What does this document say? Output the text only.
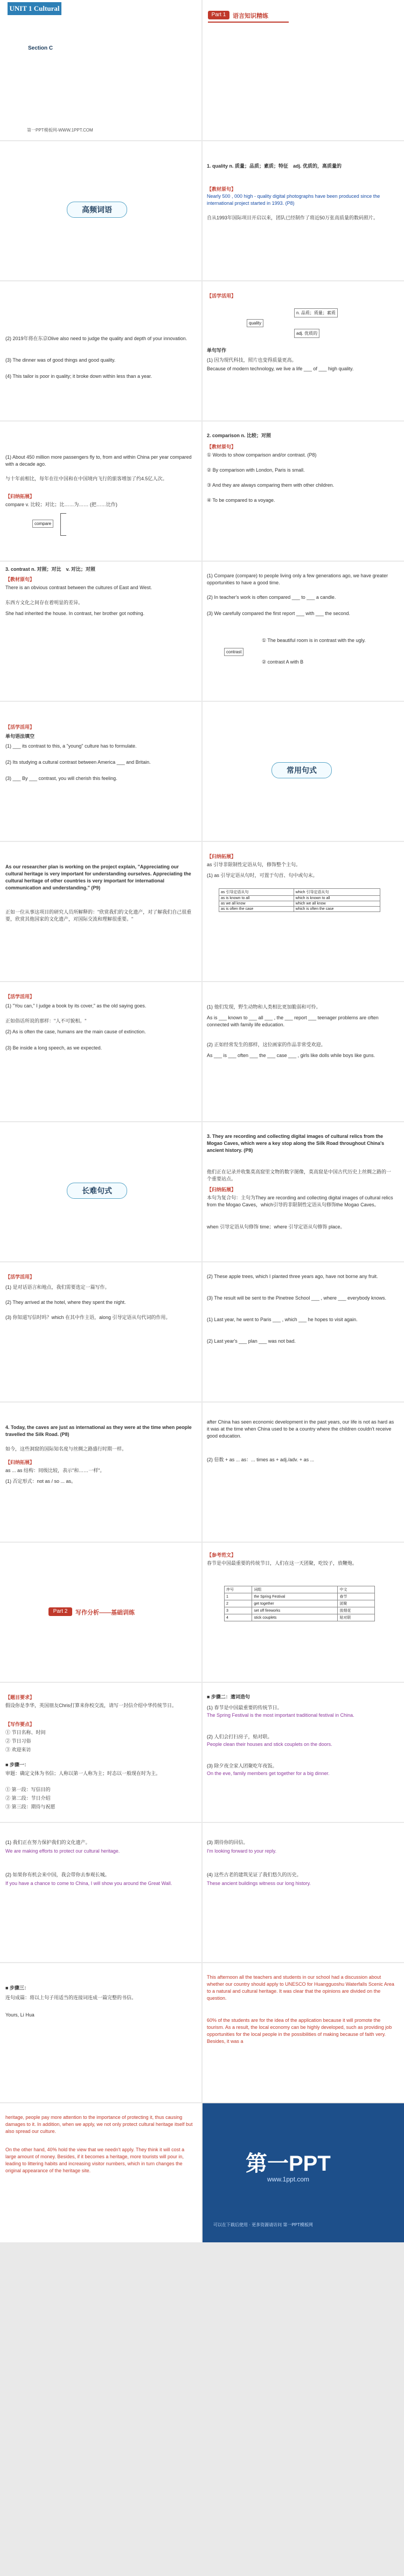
UNIT 1 Cultural Heritage
Section C
第一PPT模板网-WWW.1PPT.COM
Part 1	语言知识精练
高频词语
1. quality n. 质量；品质；素质；特征　adj. 优质的，高质量的
【教材原句】
Nearly 500 , 000 high - quality digital photographs have been produced since the international project started in 1993. (P8)
自从1993年国际项目开启以来，团队已经制作了将近50万张高质量的数码照片。
(2) 2019年将在东京Olive also need to judge the quality and depth of your innovation.
(3) The dinner was of good things and good quality.
(4) This tailor is poor in quality; it broke down within less than a year.
【活学活用】
quality
n. 品质；质量；素质
adj. 优质的
单句写作
(1) 因为现代科技，照片也变得质量更高。
Because of modern technology, we live a life ___ of ___ high quality.
(1) About 450 million more passengers fly to, from and within China per year compared with a decade ago.
与十年前相比，每年在往中国和在中国境内飞行的旅客增加了约4.5亿人次。
【归纳拓展】
compare v. 比较；对比；比……为…… (把……比作)
compare
2. comparison n. 比较；对照
【教材原句】
① Words to show comparison and/or contrast. (P8)
② By comparison with London, Paris is small.
③ And they are always comparing them with other children.
④ To be compared to a voyage.
3. contrast n. 对照；对比　v. 对比；对照
【教材原句】
There is an obvious contrast between the cultures of East and West.
东西方文化之间存在着明显的差异。
She had inherited the house. In contrast, her brother got nothing.
(1) Compare (compare) to people living only a few generations ago, we have greater opportunities to have a good time.
(2) In teacher's work is often compared ___ to ___ a candle.
(3) We carefully compared the first report ___ with ___ the second.
contrast
① The beautiful room is in contrast with the ugly.
② contrast A with B
【活学活用】
单句语法填空
(1) ___ its contrast to this, a "young" culture has to formulate.
(2) Its studying a cultural contrast between America ___ and Britain.
(3) ___ By ___ contrast, you will cherish this feeling.
常用句式
As our researcher plan is working on the project explain, "Appreciating our cultural heritage is very important for understanding ourselves. Appreciating the cultural heritage of other countries is very important for international communication and understanding." (P9)
正如一位从事这项目的研究人员所解释的："欣赏我们的文化遗产，对了解我们自己很重要，欣赏其他国家的文化遗产，对国际交流和理解很重要。"
【归纳拓展】
as 引导非限制性定语从句，修饰整个主句。
(1) as 引导定语从句时，可置于句首、句中或句末。
as 引导定语从句	which 引导定语从句
as is known to all	which is known to all
as we all know	which we all know
as is often the case	which is often the case
【活学活用】
(1) "You can," I judge a book by its cover," as the old saying goes.
正如俗话所说的那样："人不可貌相。"
(2) As is often the case, humans are the main cause of extinction.
(3) Be inside a long speech, as we expected.
(1) 他们发现，野生动物和人类相比更加脆弱和可怜。
As is ___ known to ___ all ___ , the ___ report ___ teenager problems are often connected with family life education.
(2) 正如经常发生的那样，这位画家的作品非常受欢迎。
As ___ is ___ often ___ the ___ case ___ , girls like dolls while boys like guns.
长难句式
3. They are recording and collecting digital images of cultural relics from the Mogao Caves, which were a key stop along the Silk Road throughout China's ancient history. (P8)
他们正在记录并收集莫高窟里文物的数字图像，莫高窟是中国古代历史上丝绸之路的一个重要站点。
【归纳拓展】
本句为复合句：主句为They are recording and collecting digital images of cultural relics from the Mogao Caves，which引导的非限制性定语从句修饰the Mogao Caves。
when 引导定语从句修饰 time；where 引导定语从句修饰 place。
【活学活用】
(1) 是对话语言和地点，我们需要选定一篇写作。
(2) They arrived at the hotel, where they spent the night.
(3) 你知道写信时吗？which 在其中作主语，along 引导定语从句代词的作用。
(2) These apple trees, which I planted three years ago, have not borne any fruit.
(3) The result will be sent to the Pinetree School ___ , where ___ everybody knows.
(1) Last year, he went to Paris ___ , which ___ he hopes to visit again.
(2) Last year's ___ plan ___ was not bad.
4. Today, the caves are just as international as they were at the time when people travelled the Silk Road. (P8)
如今，这些洞窟的国际知名度与丝绸之路盛行时期一样。
【归纳拓展】
as ... as 结构：同级比较，表示"和……一样"。
(1) 否定形式：not as / so ... as。
after China has seen economic development in the past years, our life is not as hard as it was at the time when China used to be a country where the children couldn't receive good education.
(2) 倍数 + as ... as：... times as + adj./adv. + as ...
Part 2	写作分析——基础训练
【参考范文】
春节是中国最重要的传统节日，人们在这一天团聚，吃饺子，放鞭炮。
序号	词组	中文
1	the Spring Festival	春节
2	get together	团聚
3	set off fireworks	放烟花
4	stick couplets	贴对联
【题目要求】
假设你是李华，英国朋友Chris打算来你校交流，请写一封信介绍中华传统节日。
【写作要点】
① 节日名称、时间
② 节日习俗
③ 欢迎来访
■ 步骤一：
审题：确定文体为书信；人称以第一人称为主；时态以一般现在时为主。
① 第一段：写信目的
② 第二段：节日介绍
③ 第三段：期待与祝愿
■ 步骤二：遣词造句
(1) 春节是中国最重要的传统节日。
The Spring Festival is the most important traditional festival in China.
(2) 人们会打扫房子，贴对联。
People clean their houses and stick couplets on the doors.
(3) 除夕夜全家人团聚吃年夜饭。
On the eve, family members get together for a big dinner.
(1) 我们正在努力保护我们的文化遗产。
We are making efforts to protect our cultural heritage.
(2) 如果你有机会来中国，我会带你去参观长城。
If you have a chance to come to China, I will show you around the Great Wall.
(3) 期待你的回信。
I'm looking forward to your reply.
(4) 这些古老的建筑见证了我们悠久的历史。
These ancient buildings witness our long history.
■ 步骤三：
连句成篇：将以上句子用适当的连接词连成一篇完整的书信。
Yours, Li Hua
This afternoon all the teachers and students in our school had a discussion about whether our country should apply to UNESCO for Huangguoshu Waterfalls Scenic Area to a natural and cultural heritage. It was clear that the opinions are divided on the question.
60% of the students are for the idea of the application because it will promote the tourism. As a result, the local economy can be highly developed, such as providing job opportunities for the local people in the possibilities of making because of faith very. Besides, it was a
heritage, people pay more attention to the importance of protecting it, thus causing damages to it. In addition, when we apply, we not only protect cultural heritage itself but also spread our culture.
On the other hand, 40% hold the view that we needn't apply. They think it will cost a large amount of money. Besides, if it becomes a heritage, more tourists will pour in, leading to littering habits and increasing visitor numbers, which in turn changes the original appearance of the heritage site.	第一PPT
www.1ppt.com
可以在下载后使用 · 更多资源请访问 第一PPT模板网
